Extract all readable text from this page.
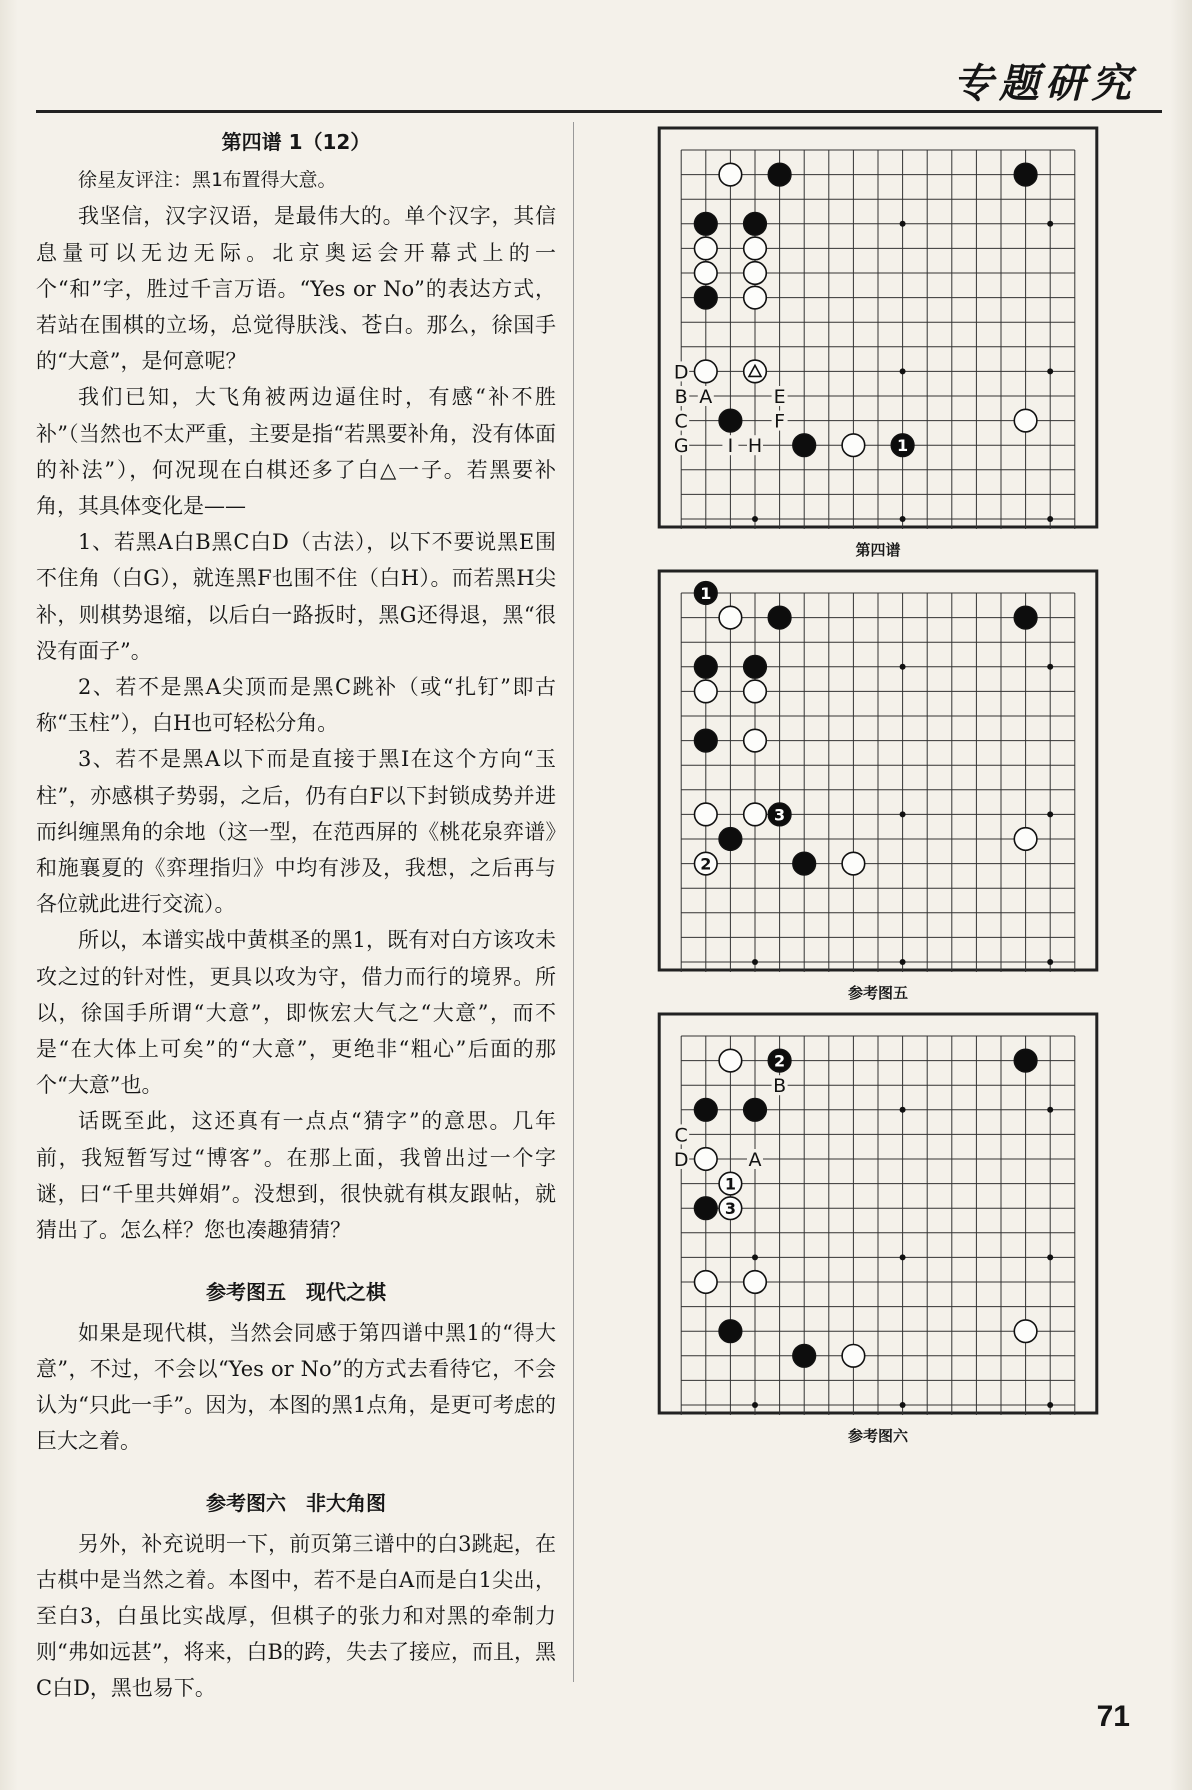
专题研究

第四谱 1（12）

徐星友评注：黑1布置得大意。

我坚信，汉字汉语，是最伟大的。单个汉字，其信息量可以无边无际。北京奥运会开幕式上的一个“和”字，胜过千言万语。“Yes or No”的表达方式，若站在围棋的立场，总觉得肤浅、苍白。那么，徐国手的“大意”，是何意呢？

我们已知，大飞角被两边逼住时，有感“补不胜补”（当然也不太严重，主要是指“若黑要补角，没有体面的补法”），何况现在白棋还多了白△一子。若黑要补角，其具体变化是——

1、若黑A白B黑C白D（古法），以下不要说黑E围不住角（白G），就连黑F也围不住（白H）。而若黑H尖补，则棋势退缩，以后白一路扳时，黑G还得退，黑“很没有面子”。

2、若不是黑A尖顶而是黑C跳补（或“扎钉”即古称“玉柱”），白H也可轻松分角。

3、若不是黑A以下而是直接于黑I在这个方向“玉柱”，亦感棋子势弱，之后，仍有白F以下封锁成势并进而纠缠黑角的余地（这一型，在范西屏的《桃花泉弈谱》和施襄夏的《弈理指归》中均有涉及，我想，之后再与各位就此进行交流）。

所以，本谱实战中黄棋圣的黑1，既有对白方该攻未攻之过的针对性，更具以攻为守，借力而行的境界。所以，徐国手所谓“大意”，即恢宏大气之“大意”，而不是“在大体上可矣”的“大意”，更绝非“粗心”后面的那个“大意”也。

话既至此，这还真有一点点“猜字”的意思。几年前，我短暂写过“博客”。在那上面，我曾出过一个字谜，曰“千里共婵娟”。没想到，很快就有棋友跟帖，就猜出了。怎么样？您也凑趣猜猜？

参考图五　现代之棋

如果是现代棋，当然会同感于第四谱中黑1的“得大意”，不过，不会以“Yes or No”的方式去看待它，不会认为“只此一手”。因为，本图的黑1点角，是更可考虑的巨大之着。

参考图六　非大角图

另外，补充说明一下，前页第三谱中的白3跳起，在古棋中是当然之着。本图中，若不是白A而是白1尖出，至白3，白虽比实战厚，但棋子的张力和对黑的牵制力则“弗如远甚”，将来，白B的跨，失去了接应，而且，黑C白D，黑也易下。

D
B A	E
C	F
G I H	1
第四谱
1
3
2
参考图五
B
C
D	A
2
1
3
参考图六
71
